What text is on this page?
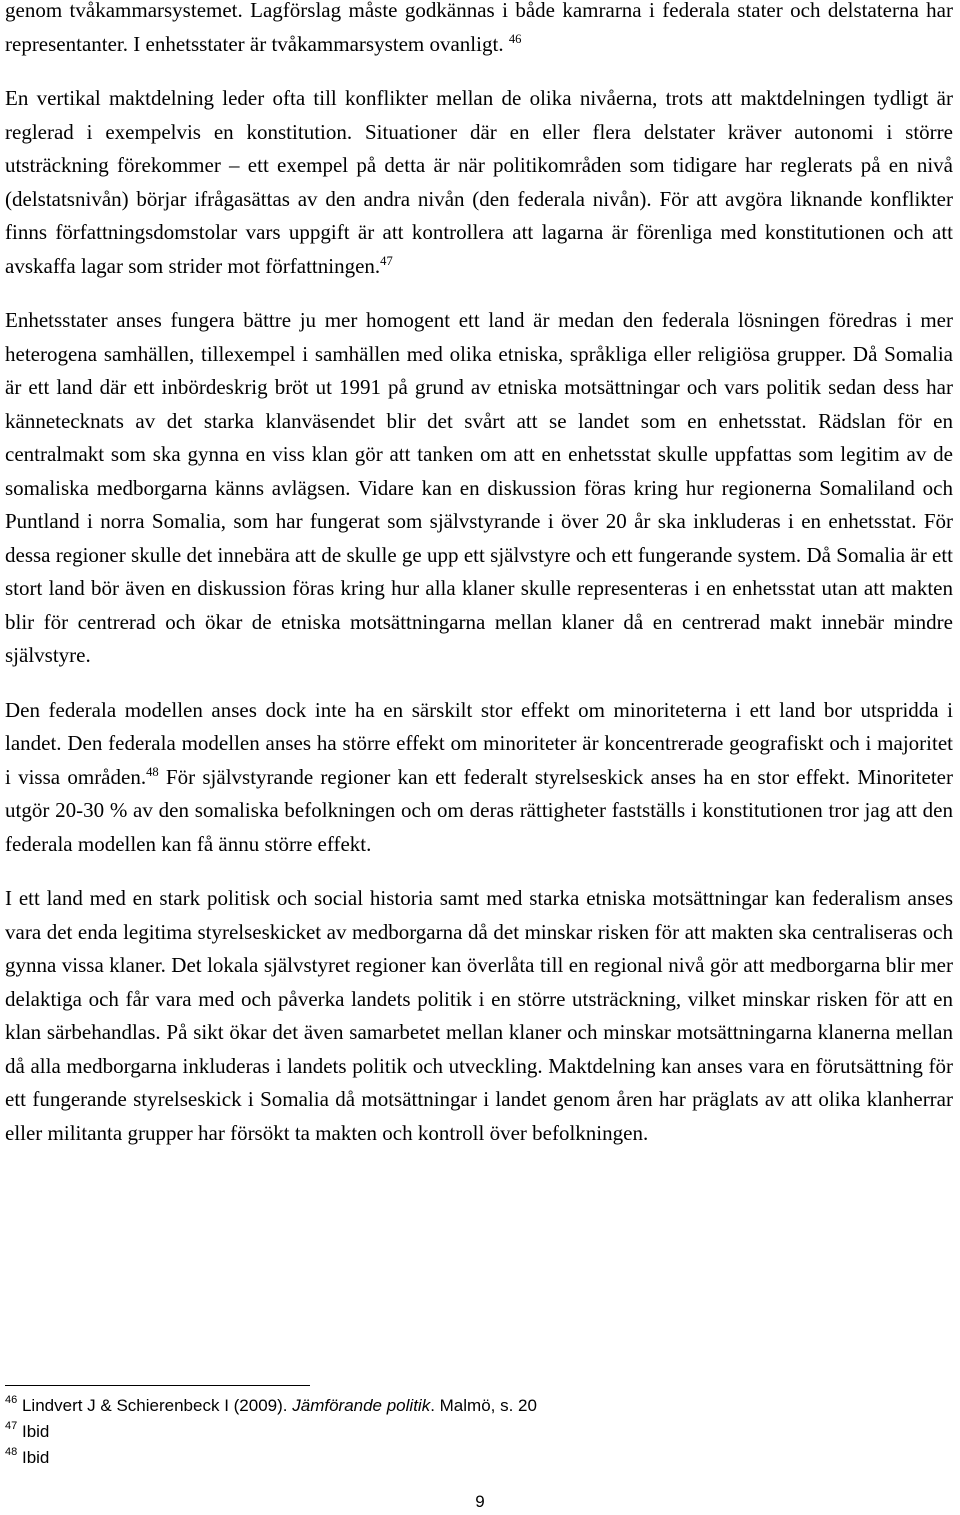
genom tvåkammarsystemet. Lagförslag måste godkännas i både kamrarna i federala stater och delstaterna har representanter. I enhetsstater är tvåkammarsystem ovanligt. $^{46}$

En vertikal maktdelning leder ofta till konflikter mellan de olika nivåerna, trots att maktdelningen tydligt är reglerad i exempelvis en konstitution. Situationer där en eller flera delstater kräver autonomi i större utsträckning förekommer – ett exempel på detta är när politikområden som tidigare har reglerats på en nivå (delstatsnivån) börjar ifrågasättas av den andra nivån (den federala nivån). För att avgöra liknande konflikter finns författningsdomstolar vars uppgift är att kontrollera att lagarna är förenliga med konstitutionen och att avskaffa lagar som strider mot författningen.$^{47}$

Enhetsstater anses fungera bättre ju mer homogent ett land är medan den federala lösningen föredras i mer heterogena samhällen, tillexempel i samhällen med olika etniska, språkliga eller religiösa grupper. Då Somalia är ett land där ett inbördeskrig bröt ut 1991 på grund av etniska motsättningar och vars politik sedan dess har kännetecknats av det starka klanväsendet blir det svårt att se landet som en enhetsstat. Rädslan för en centralmakt som ska gynna en viss klan gör att tanken om att en enhetsstat skulle uppfattas som legitim av de somaliska medborgarna känns avlägsen. Vidare kan en diskussion föras kring hur regionerna Somaliland och Puntland i norra Somalia, som har fungerat som självstyrande i över 20 år ska inkluderas i en enhetsstat. För dessa regioner skulle det innebära att de skulle ge upp ett självstyre och ett fungerande system. Då Somalia är ett stort land bör även en diskussion föras kring hur alla klaner skulle representeras i en enhetsstat utan att makten blir för centrerad och ökar de etniska motsättningarna mellan klaner då en centrerad makt innebär mindre självstyre.

Den federala modellen anses dock inte ha en särskilt stor effekt om minoriteterna i ett land bor utspridda i landet. Den federala modellen anses ha större effekt om minoriteter är koncentrerade geografiskt och i majoritet i vissa områden.$^{48}$ För självstyrande regioner kan ett federalt styrelseskick anses ha en stor effekt. Minoriteter utgör 20-30 % av den somaliska befolkningen och om deras rättigheter fastställs i konstitutionen tror jag att den federala modellen kan få ännu större effekt.

I ett land med en stark politisk och social historia samt med starka etniska motsättningar kan federalism anses vara det enda legitima styrelseskicket av medborgarna då det minskar risken för att makten ska centraliseras och gynna vissa klaner. Det lokala självstyret regioner kan överlåta till en regional nivå gör att medborgarna blir mer delaktiga och får vara med och påverka landets politik i en större utsträckning, vilket minskar risken för att en klan särbehandlas. På sikt ökar det även samarbetet mellan klaner och minskar motsättningarna klanerna mellan då alla medborgarna inkluderas i landets politik och utveckling. Maktdelning kan anses vara en förutsättning för ett fungerande styrelseskick i Somalia då motsättningar i landet genom åren har präglats av att olika klanherrar eller militanta grupper har försökt ta makten och kontroll över befolkningen.

$^{46}$ Lindvert J & Schierenbeck I (2009). Jämförande politik. Malmö, s. 20

$^{47}$ Ibid

$^{48}$ Ibid

9
